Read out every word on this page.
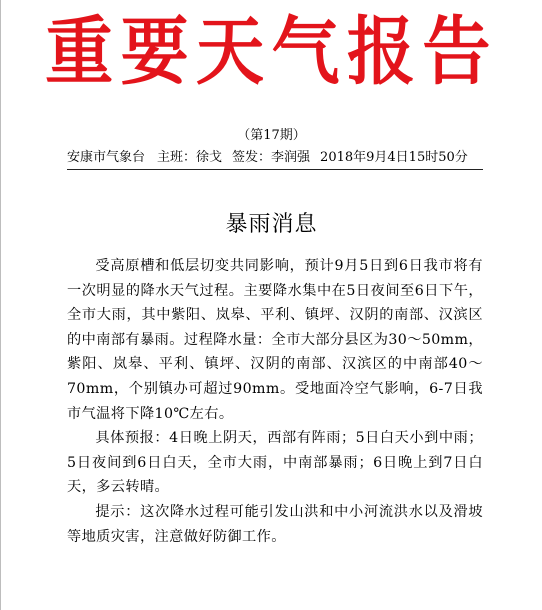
重要天气报告
（第17期）
安康市气象台 主班：徐戈 签发：李润强 2018年9月4日15时50分
暴雨消息

受高原槽和低层切变共同影响，预计9月5日到6日我市将有一次明显的降水天气过程。主要降水集中在5日夜间至6日下午，全市大雨，其中紫阳、岚皋、平利、镇坪、汉阴的南部、汉滨区的中南部有暴雨。过程降水量：全市大部分县区为30～50mm，紫阳、岚皋、平利、镇坪、汉阴的南部、汉滨区的中南部40～70mm，个别镇办可超过90mm。受地面冷空气影响，6-7日我市气温将下降10℃左右。

具体预报：4日晚上阴天，西部有阵雨；5日白天小到中雨；5日夜间到6日白天，全市大雨，中南部暴雨；6日晚上到7日白天，多云转晴。

提示：这次降水过程可能引发山洪和中小河流洪水以及滑坡等地质灾害，注意做好防御工作。
